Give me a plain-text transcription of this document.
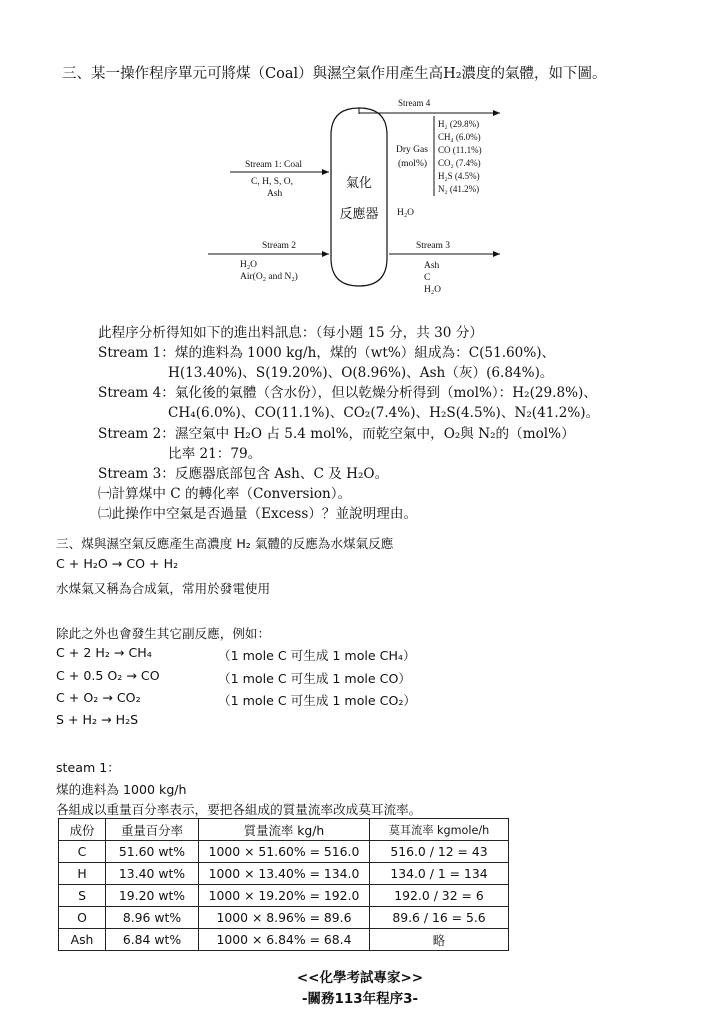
三、某一操作程序單元可將煤（Coal）與濕空氣作用產生高H₂濃度的氣體，如下圖。
氣化
反應器
Stream 4
Stream 1: Coal
C, H, S, O,
Ash
Stream 2
H₂O
Air(O₂ and N₂)
Stream 3
Ash
C
H₂O
Dry Gas
(mol%)
H₂ (29.8%)
CH₄ (6.0%)
CO (11.1%)
CO₂ (7.4%)
H₂S (4.5%)
N₂ (41.2%)
H₂O
此程序分析得知如下的進出料訊息：（每小題 15 分，共 30 分）
Stream 1：煤的進料為 1000 kg/h，煤的（wt%）組成為：C(51.60%)、
H(13.40%)、S(19.20%)、O(8.96%)、Ash（灰）(6.84%)。
Stream 4：氣化後的氣體（含水份），但以乾燥分析得到（mol%）：H₂(29.8%)、
CH₄(6.0%)、CO(11.1%)、CO₂(7.4%)、H₂S(4.5%)、N₂(41.2%)。
Stream 2：濕空氣中 H₂O 占 5.4 mol%，而乾空氣中，O₂與 N₂的（mol%）
比率 21：79。
Stream 3：反應器底部包含 Ash、C 及 H₂O。
㈠計算煤中 C 的轉化率（Conversion）。
㈡此操作中空氣是否過量（Excess）？並說明理由。
三、煤與濕空氣反應產生高濃度 H₂ 氣體的反應為水煤氣反應
C + H₂O → CO + H₂
水煤氣又稱為合成氣，常用於發電使用
除此之外也會發生其它副反應，例如：
C + 2 H₂ → CH₄	（1 mole C 可生成 1 mole CH₄）
C + 0.5 O₂ → CO	（1 mole C 可生成 1 mole CO）
C + O₂ → CO₂	（1 mole C 可生成 1 mole CO₂）
S + H₂ → H₂S
steam 1：
煤的進料為 1000 kg/h
各組成以重量百分率表示，要把各組成的質量流率改成莫耳流率。
成份	重量百分率	質量流率 kg/h	莫耳流率 kgmole/h
C	51.60 wt%	1000 × 51.60% = 516.0	516.0 / 12 = 43
H	13.40 wt%	1000 × 13.40% = 134.0	134.0 / 1 = 134
S	19.20 wt%	1000 × 19.20% = 192.0	192.0 / 32 = 6
O	8.96 wt%	1000 × 8.96% = 89.6	89.6 / 16 = 5.6
Ash	6.84 wt%	1000 × 6.84% = 68.4	略
<<化學考試專家>>
-關務113年程序3-
